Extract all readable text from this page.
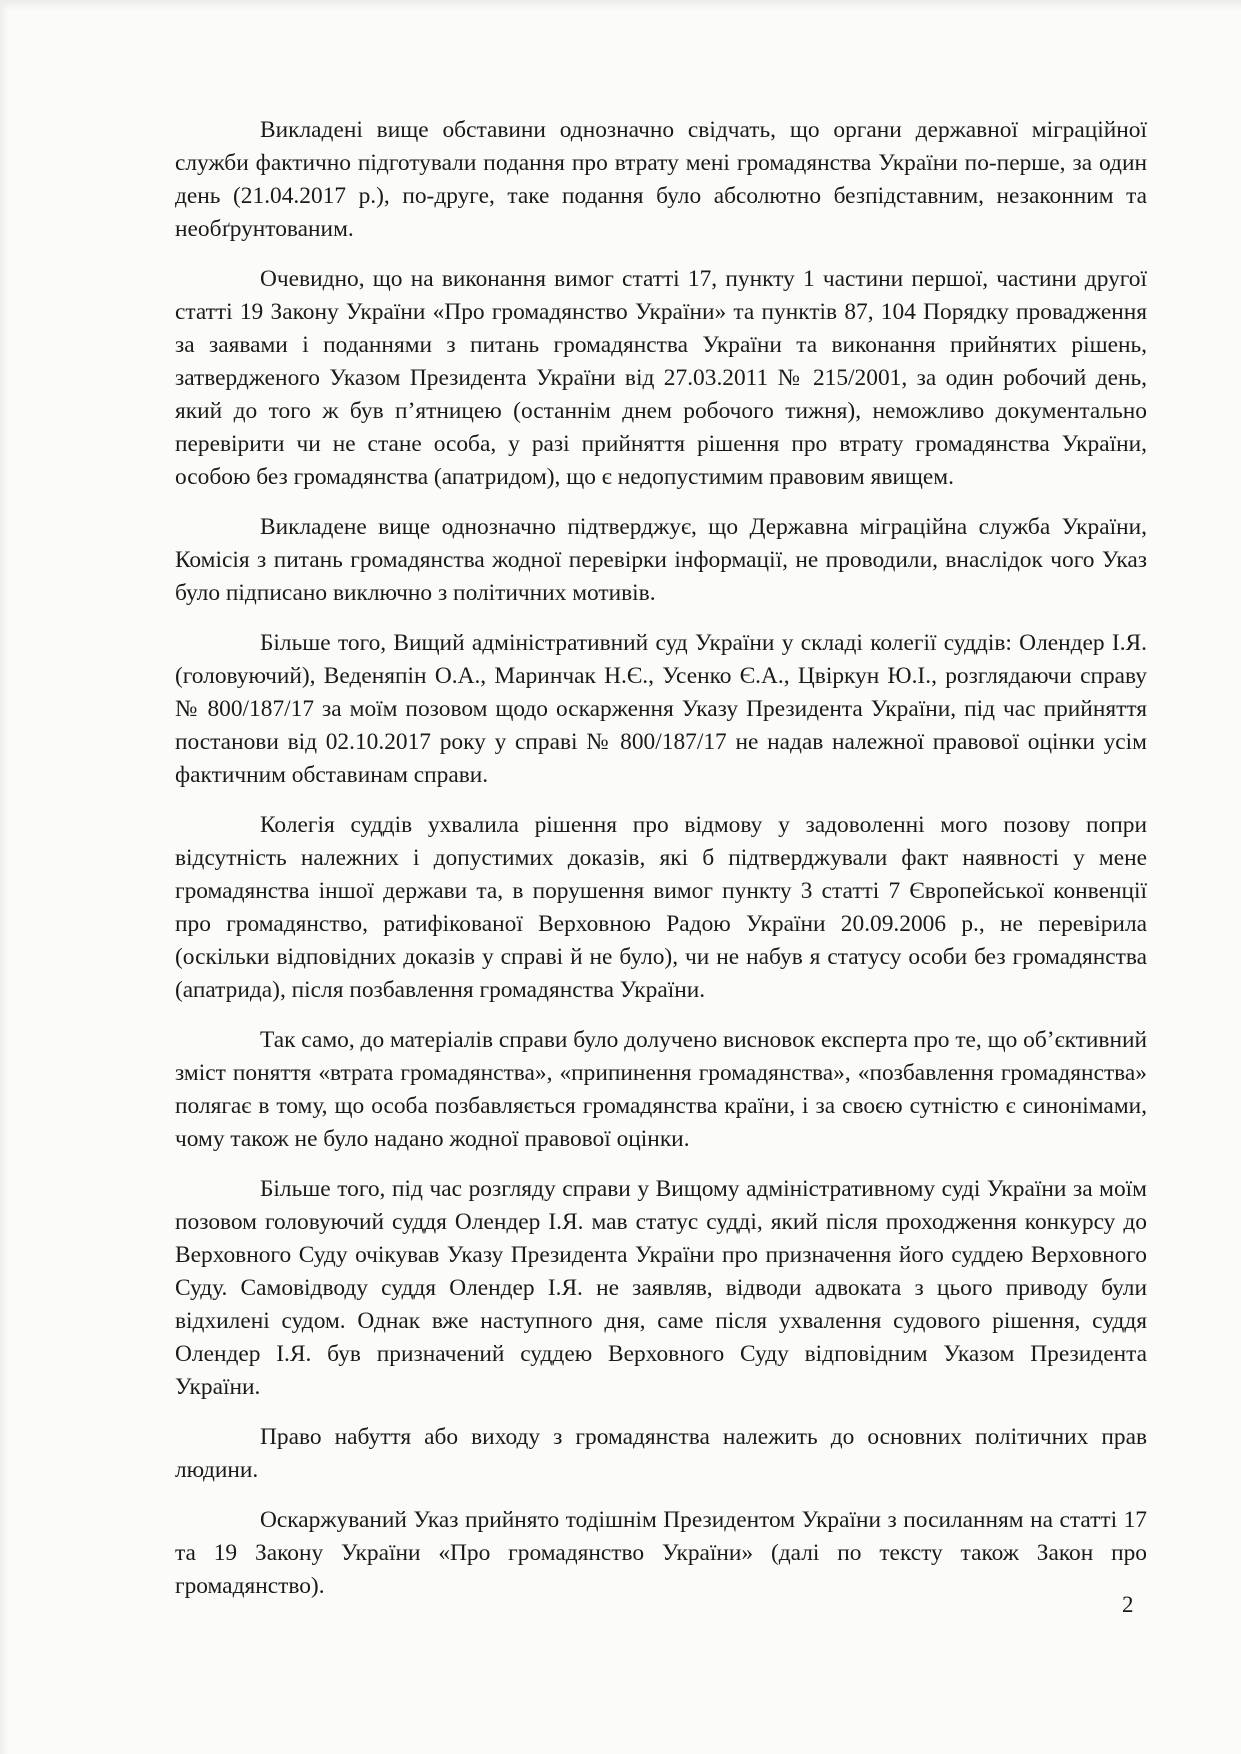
Викладені вище обставини однозначно свідчать, що органи державної міграційної служби фактично підготували подання про втрату мені громадянства України по-перше, за один день (21.04.2017 р.), по-друге, таке подання було абсолютно безпідставним, незаконним та необґрунтованим.

Очевидно, що на виконання вимог статті 17, пункту 1 частини першої, частини другої статті 19 Закону України «Про громадянство України» та пунктів 87, 104 Порядку провадження за заявами і поданнями з питань громадянства України та виконання прийнятих рішень, затвердженого Указом Президента України від 27.03.2011 № 215/2001, за один робочий день, який до того ж був п’ятницею (останнім днем робочого тижня), неможливо документально перевірити чи не стане особа, у разі прийняття рішення про втрату громадянства України, особою без громадянства (апатридом), що є недопустимим правовим явищем.

Викладене вище однозначно підтверджує, що Державна міграційна служба України, Комісія з питань громадянства жодної перевірки інформації, не проводили, внаслідок чого Указ було підписано виключно з політичних мотивів.

Більше того, Вищий адміністративний суд України у складі колегії суддів: Олендер І.Я. (головуючий), Веденяпін О.А., Маринчак Н.Є., Усенко Є.А., Цвіркун Ю.І., розглядаючи справу № 800/187/17 за моїм позовом щодо оскарження Указу Президента України, під час прийняття постанови від 02.10.2017 року у справі № 800/187/17 не надав належної правової оцінки усім фактичним обставинам справи.

Колегія суддів ухвалила рішення про відмову у задоволенні мого позову попри відсутність належних і допустимих доказів, які б підтверджували факт наявності у мене громадянства іншої держави та, в порушення вимог пункту 3 статті 7 Європейської конвенції про громадянство, ратифікованої Верховною Радою України 20.09.2006 р., не перевірила (оскільки відповідних доказів у справі й не було), чи не набув я статусу особи без громадянства (апатрида), після позбавлення громадянства України.

Так само, до матеріалів справи було долучено висновок експерта про те, що об’єктивний зміст поняття «втрата громадянства», «припинення громадянства», «позбавлення громадянства» полягає в тому, що особа позбавляється громадянства країни, і за своєю сутністю є синонімами, чому також не було надано жодної правової оцінки.

Більше того, під час розгляду справи у Вищому адміністративному суді України за моїм позовом головуючий суддя Олендер І.Я. мав статус судді, який після проходження конкурсу до Верховного Суду очікував Указу Президента України про призначення його суддею Верховного Суду. Самовідводу суддя Олендер І.Я. не заявляв, відводи адвоката з цього приводу були відхилені судом. Однак вже наступного дня, саме після ухвалення судового рішення, суддя Олендер І.Я. був призначений суддею Верховного Суду відповідним Указом Президента України.

Право набуття або виходу з громадянства належить до основних політичних прав людини.

Оскаржуваний Указ прийнято тодішнім Президентом України з посиланням на статті 17 та 19 Закону України «Про громадянство України» (далі по тексту також Закон про громадянство).

2
